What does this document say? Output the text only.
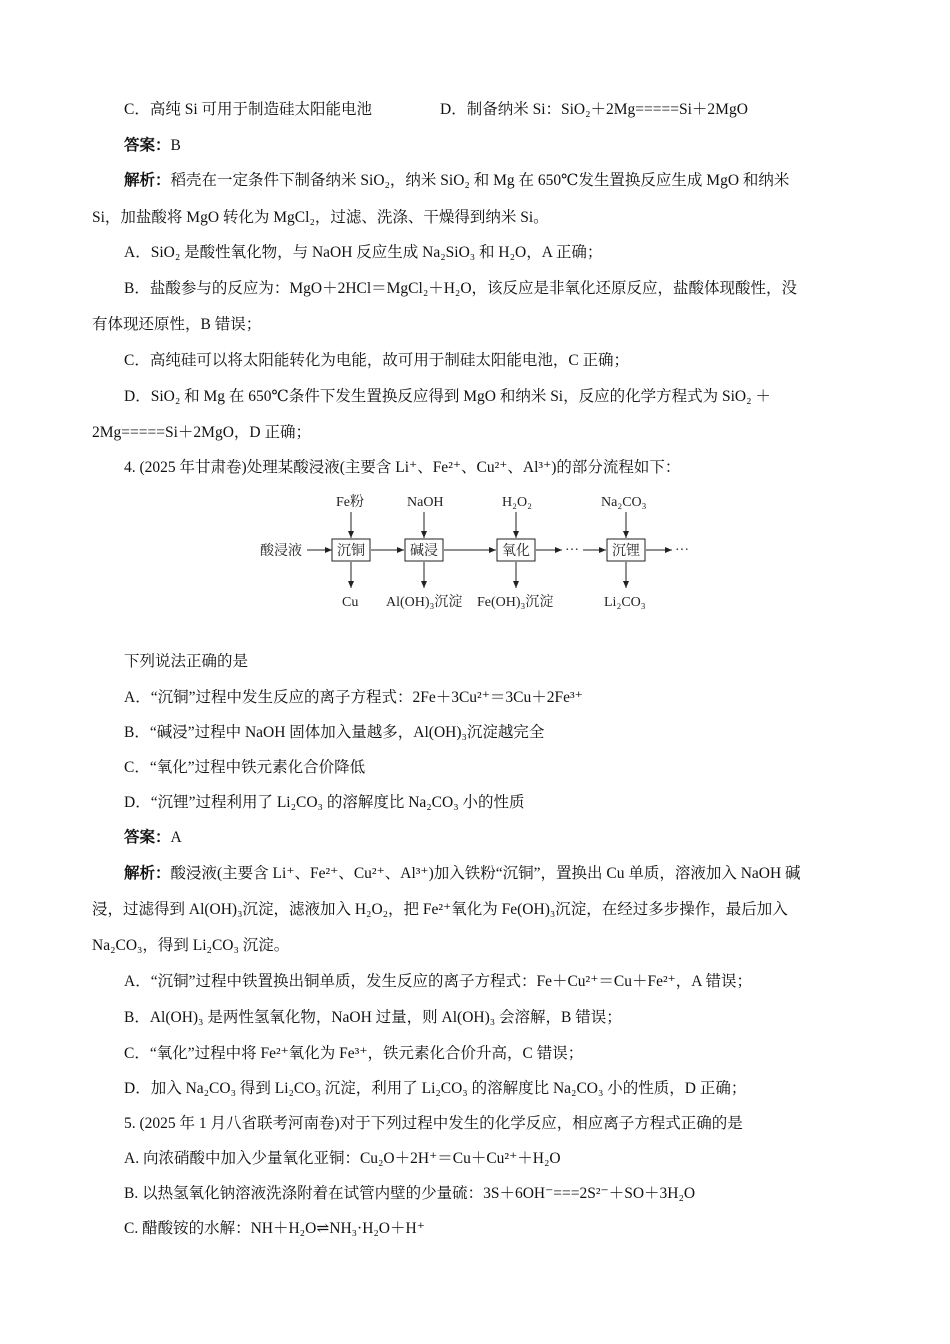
C．高纯 Si 可用于制造硅太阳能电池	D．制备纳米 Si：SiO₂＋2Mg=====Si＋2MgO
答案：B
解析：稻壳在一定条件下制备纳米 SiO₂，纳米 SiO₂ 和 Mg 在 650℃发生置换反应生成 MgO 和纳米
Si，加盐酸将 MgO 转化为 MgCl₂，过滤、洗涤、干燥得到纳米 Si。
A．SiO₂ 是酸性氧化物，与 NaOH 反应生成 Na₂SiO₃ 和 H₂O，A 正确；
B．盐酸参与的反应为：MgO＋2HCl＝MgCl₂＋H₂O，该反应是非氧化还原反应，盐酸体现酸性，没
有体现还原性，B 错误；
C．高纯硅可以将太阳能转化为电能，故可用于制硅太阳能电池，C 正确；
D．SiO₂ 和 Mg 在 650℃条件下发生置换反应得到 MgO 和纳米 Si，反应的化学方程式为 SiO₂ ＋
2Mg=====Si＋2MgO，D 正确；
4. (2025 年甘肃卷)处理某酸浸液(主要含 Li⁺、Fe²⁺、Cu²⁺、Al³⁺)的部分流程如下：
酸浸液	沉铜
Fe粉
Cu
碱浸
NaOH
Al(OH)₃沉淀
氧化
H₂O₂
Fe(OH)₃沉淀
··· 沉锂
Na₂CO₃
Li₂CO₃
···
下列说法正确的是
A．“沉铜”过程中发生反应的离子方程式：2Fe＋3Cu²⁺＝3Cu＋2Fe³⁺
B．“碱浸”过程中 NaOH 固体加入量越多，Al(OH)₃沉淀越完全
C．“氧化”过程中铁元素化合价降低
D．“沉锂”过程利用了 Li₂CO₃ 的溶解度比 Na₂CO₃ 小的性质
答案：A
解析：酸浸液(主要含 Li⁺、Fe²⁺、Cu²⁺、Al³⁺)加入铁粉“沉铜”，置换出 Cu 单质，溶液加入 NaOH 碱
浸，过滤得到 Al(OH)₃沉淀，滤液加入 H₂O₂，把 Fe²⁺氧化为 Fe(OH)₃沉淀，在经过多步操作，最后加入
Na₂CO₃，得到 Li₂CO₃ 沉淀。
A．“沉铜”过程中铁置换出铜单质，发生反应的离子方程式：Fe＋Cu²⁺＝Cu＋Fe²⁺，A 错误；
B．Al(OH)₃ 是两性氢氧化物，NaOH 过量，则 Al(OH)₃ 会溶解，B 错误；
C．“氧化”过程中将 Fe²⁺氧化为 Fe³⁺，铁元素化合价升高，C 错误；
D．加入 Na₂CO₃ 得到 Li₂CO₃ 沉淀，利用了 Li₂CO₃ 的溶解度比 Na₂CO₃ 小的性质，D 正确；
5. (2025 年 1 月八省联考河南卷)对于下列过程中发生的化学反应，相应离子方程式正确的是
A. 向浓硝酸中加入少量氧化亚铜：Cu₂O＋2H⁺＝Cu＋Cu²⁺＋H₂O
B. 以热氢氧化钠溶液洗涤附着在试管内壁的少量硫：3S＋6OH⁻===2S²⁻＋SO＋3H₂O
C. 醋酸铵的水解：NH＋H₂O⇌NH₃·H₂O＋H⁺
